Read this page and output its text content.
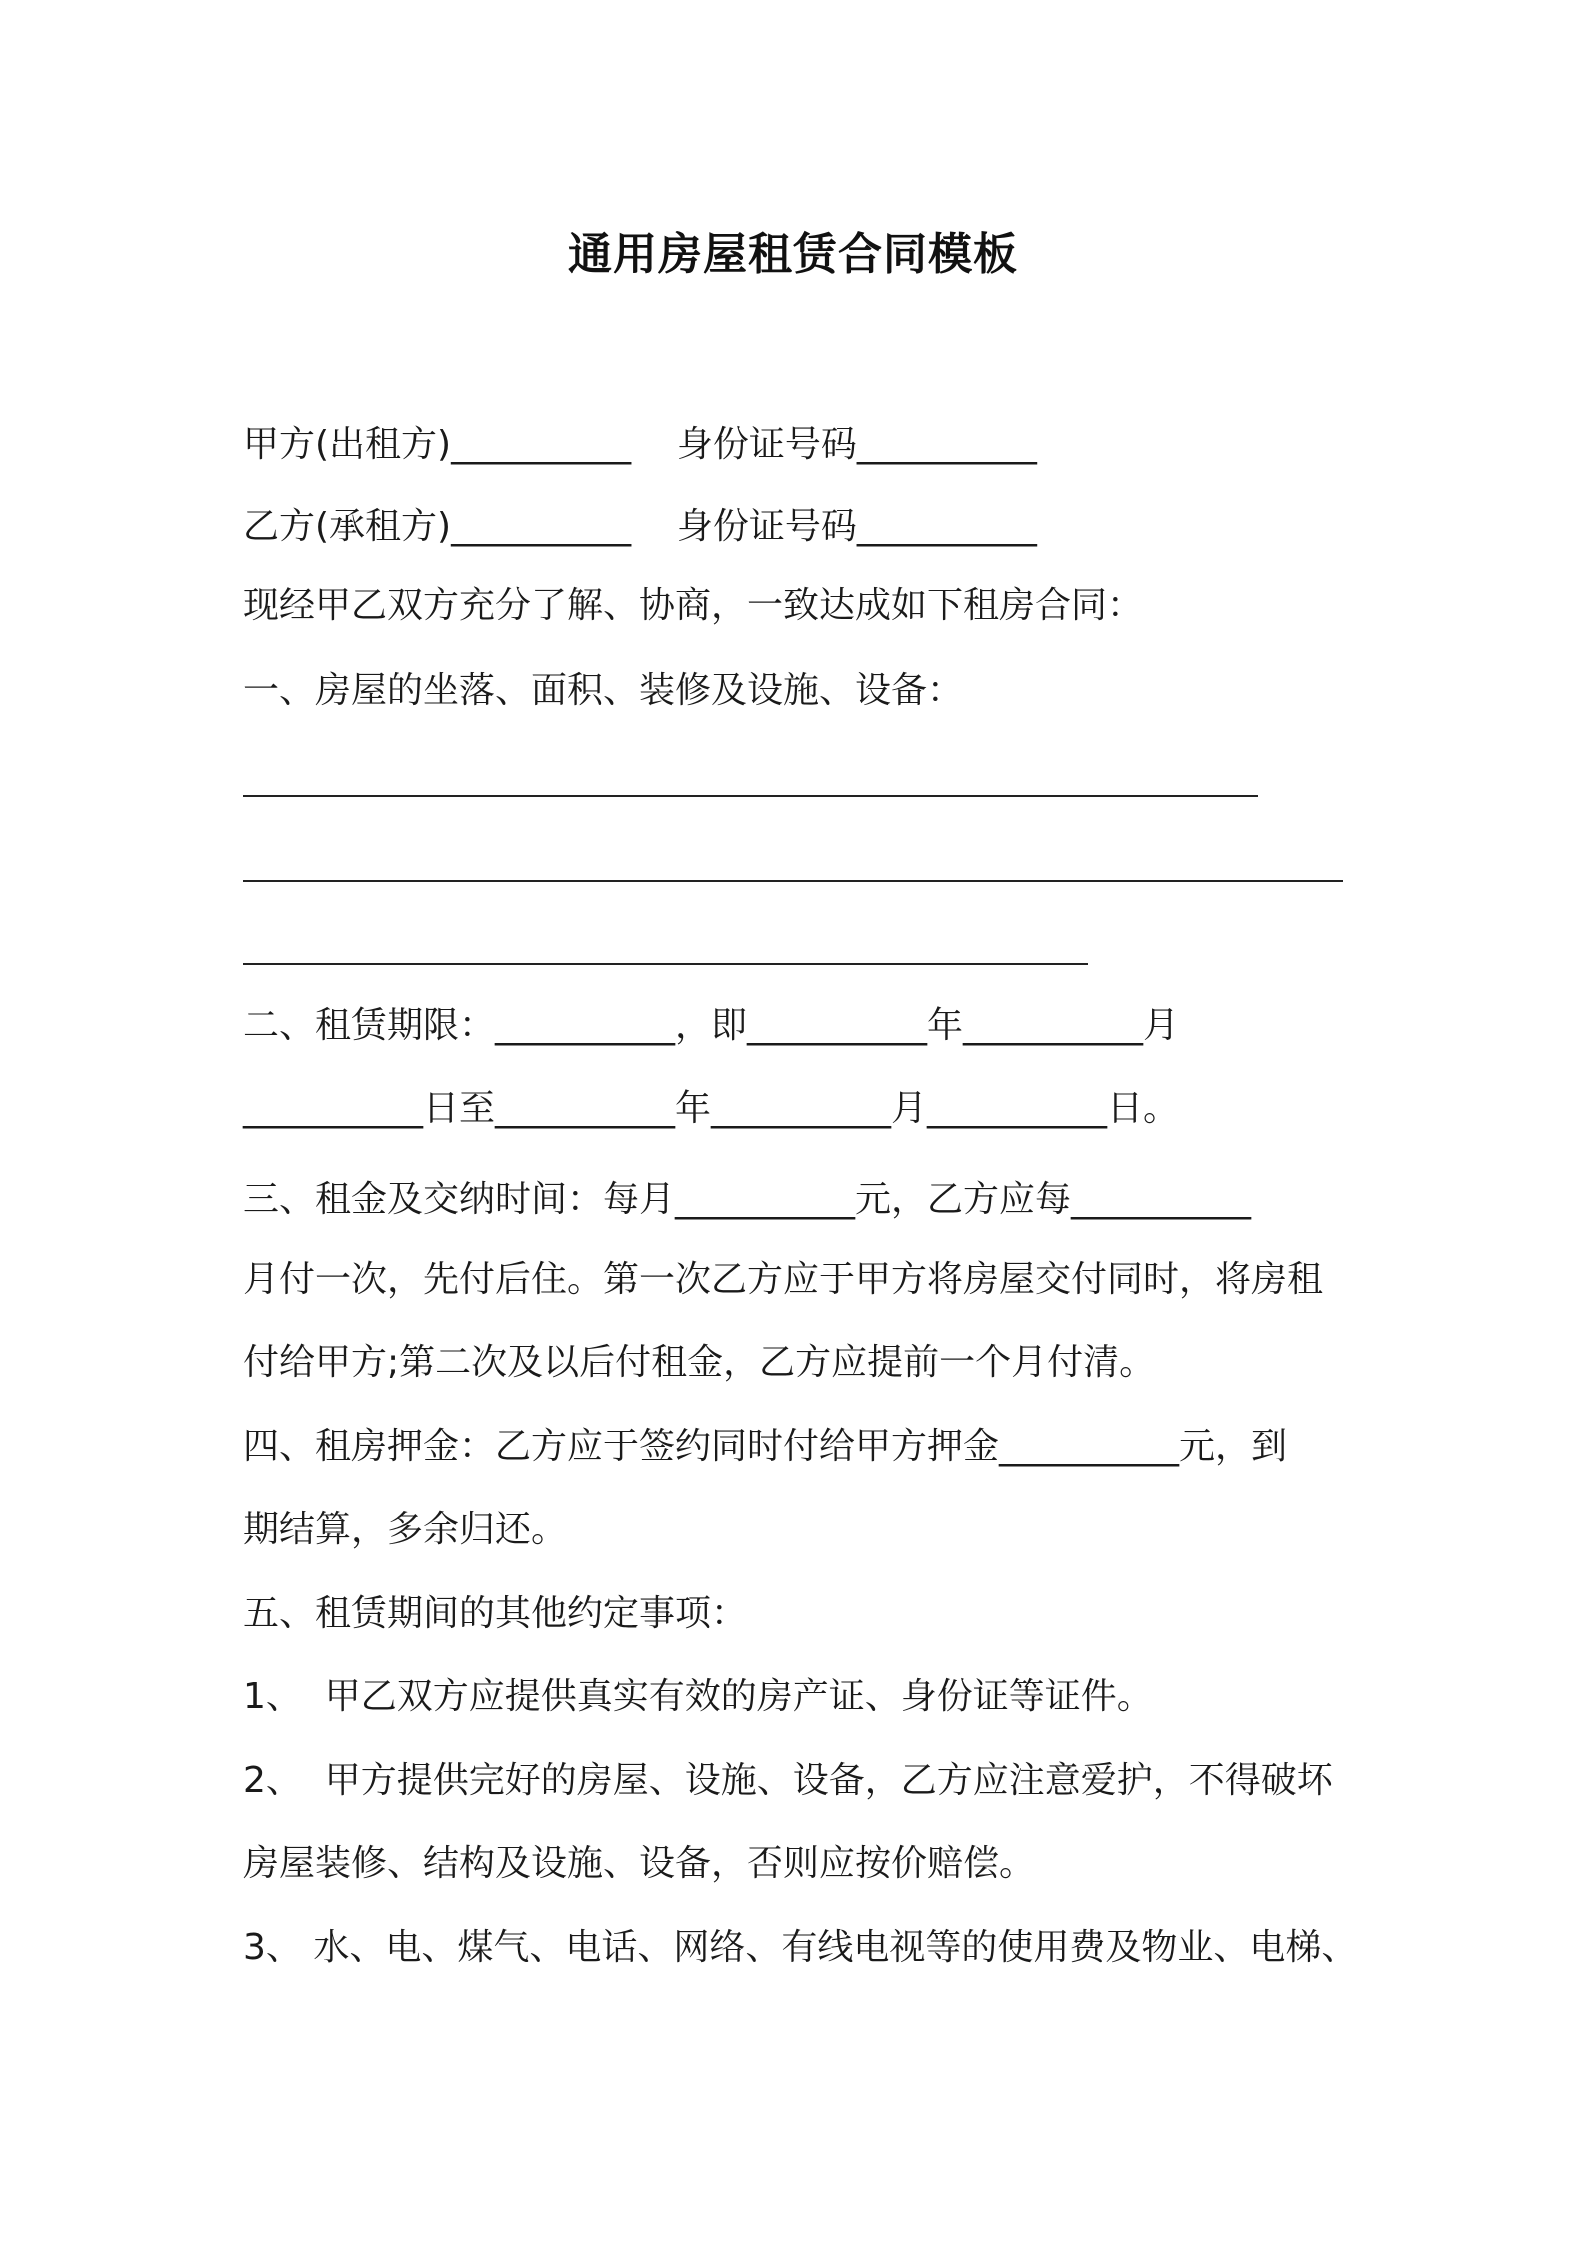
通用房屋租赁合同模板
甲方(出租方)__________    身份证号码__________
乙方(承租方)__________    身份证号码__________
现经甲乙双方充分了解、协商，一致达成如下租房合同：
一、房屋的坐落、面积、装修及设施、设备：
二、租赁期限：__________，即__________年__________月
__________日至__________年__________月__________日。
三、租金及交纳时间：每月__________元，乙方应每__________
月付一次，先付后住。第一次乙方应于甲方将房屋交付同时，将房租
付给甲方;第二次及以后付租金，乙方应提前一个月付清。
四、租房押金：乙方应于签约同时付给甲方押金__________元，到
期结算，多余归还。
五、租赁期间的其他约定事项：
1、  甲乙双方应提供真实有效的房产证、身份证等证件。
2、  甲方提供完好的房屋、设施、设备，乙方应注意爱护，不得破坏
房屋装修、结构及设施、设备，否则应按价赔偿。
3、 水、电、煤气、电话、网络、有线电视等的使用费及物业、电梯、
